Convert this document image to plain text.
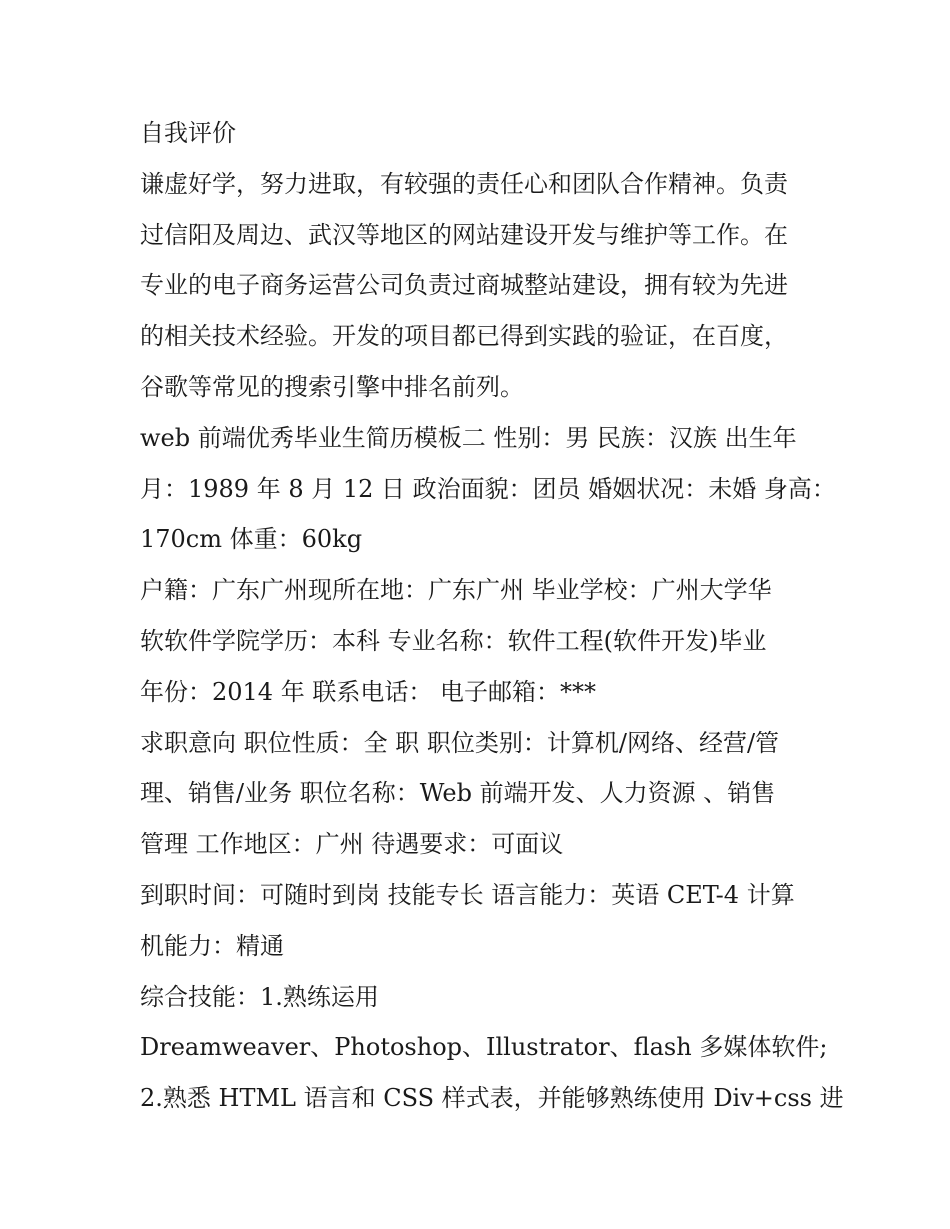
自我评价
谦虚好学，努力进取，有较强的责任心和团队合作精神。负责
过信阳及周边、武汉等地区的网站建设开发与维护等工作。在
专业的电子商务运营公司负责过商城整站建设，拥有较为先进
的相关技术经验。开发的项目都已得到实践的验证，在百度，
谷歌等常见的搜索引擎中排名前列。
web 前端优秀毕业生简历模板二 性别：男 民族：汉族 出生年
月：1989 年 8 月 12 日 政治面貌：团员 婚姻状况：未婚 身高：
170cm 体重：60kg
户籍：广东广州现所在地：广东广州 毕业学校：广州大学华
软软件学院学历：本科 专业名称：软件工程(软件开发)毕业
年份：2014 年 联系电话： 电子邮箱：***
求职意向 职位性质：全 职 职位类别：计算机/网络、经营/管
理、销售/业务 职位名称：Web 前端开发、人力资源 、销售
管理 工作地区：广州 待遇要求：可面议
到职时间：可随时到岗 技能专长 语言能力：英语 CET-4 计算
机能力：精通
综合技能：1.熟练运用
Dreamweaver、Photoshop、Illustrator、flash 多媒体软件;
2.熟悉 HTML 语言和 CSS 样式表，并能够熟练使用 Div+css 进
